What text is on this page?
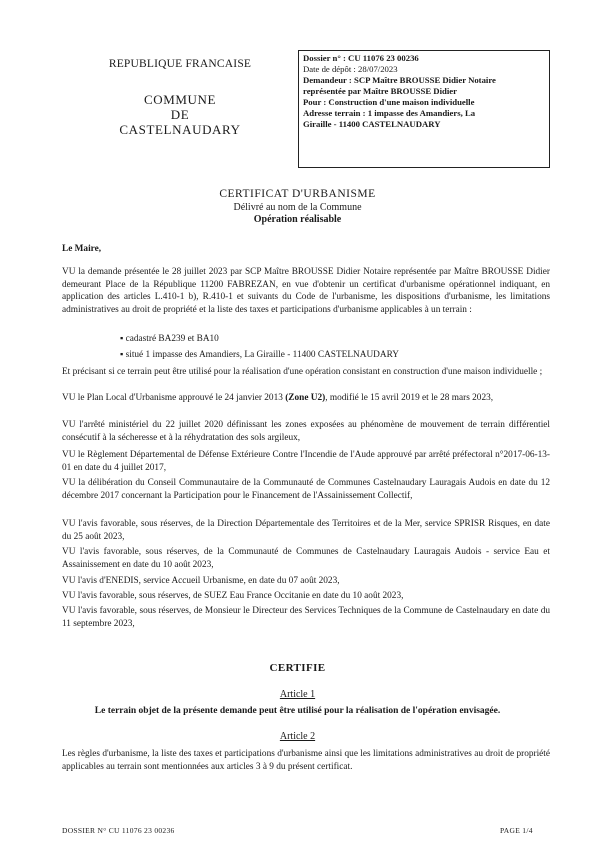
REPUBLIQUE FRANCAISE
COMMUNE
DE
CASTELNAUDARY
Dossier n° : CU 11076 23 00236
Date de dépôt : 28/07/2023
Demandeur : SCP Maître BROUSSE Didier Notaire
représentée par Maître BROUSSE Didier
Pour : Construction d'une maison individuelle
Adresse terrain : 1 impasse des Amandiers, La
Giraille - 11400 CASTELNAUDARY
CERTIFICAT D'URBANISME
Délivré au nom de la Commune
Opération réalisable
Le Maire,
VU la demande présentée le 28 juillet 2023 par SCP Maître BROUSSE Didier Notaire représentée par Maître BROUSSE Didier demeurant Place de la République 11200 FABREZAN, en vue d'obtenir un certificat d'urbanisme opérationnel indiquant, en application des articles L.410-1 b), R.410-1 et suivants du Code de l'urbanisme, les dispositions d'urbanisme, les limitations administratives au droit de propriété et la liste des taxes et participations d'urbanisme applicables à un terrain :
▪ cadastré BA239 et BA10
▪ situé 1 impasse des Amandiers, La Giraille - 11400 CASTELNAUDARY
Et précisant si ce terrain peut être utilisé pour la réalisation d'une opération consistant en construction d'une maison individuelle ;
VU le Plan Local d'Urbanisme approuvé le 24 janvier 2013 (Zone U2), modifié le 15 avril 2019 et le 28 mars 2023,
VU l'arrêté ministériel du 22 juillet 2020 définissant les zones exposées au phénomène de mouvement de terrain différentiel consécutif à la sécheresse et à la réhydratation des sols argileux,
VU le Règlement Départemental de Défense Extérieure Contre l'Incendie de l'Aude approuvé par arrêté préfectoral n°2017-06-13-01 en date du 4 juillet 2017,
VU la délibération du Conseil Communautaire de la Communauté de Communes Castelnaudary Lauragais Audois en date du 12 décembre 2017 concernant la Participation pour le Financement de l'Assainissement Collectif,
VU l'avis favorable, sous réserves, de la Direction Départementale des Territoires et de la Mer, service SPRISR Risques, en date du 25 août 2023,
VU l'avis favorable, sous réserves, de la Communauté de Communes de Castelnaudary Lauragais Audois - service Eau et Assainissement en date du 10 août 2023,
VU l'avis d'ENEDIS, service Accueil Urbanisme, en date du 07 août 2023,
VU l'avis favorable, sous réserves, de SUEZ Eau France Occitanie en date du 10 août 2023,
VU l'avis favorable, sous réserves, de Monsieur le Directeur des Services Techniques de la Commune de Castelnaudary en date du 11 septembre 2023,
CERTIFIE
Article 1
Le terrain objet de la présente demande peut être utilisé pour la réalisation de l'opération envisagée.
Article 2
Les règles d'urbanisme, la liste des taxes et participations d'urbanisme ainsi que les limitations administratives au droit de propriété applicables au terrain sont mentionnées aux articles 3 à 9 du présent certificat.
DOSSIER N° CU 11076 23 00236	PAGE 1/4
